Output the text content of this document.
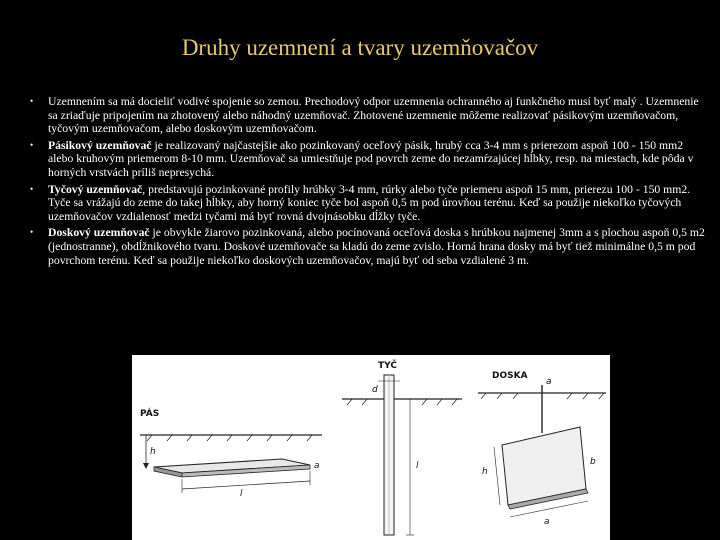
Druhy uzemnení a tvary uzemňovačov
• Uzemnením sa má docieliť vodivé spojenie so zemou. Prechodový odpor uzemnenia ochranného aj funkčného musí byť malý . Uzemnenie sa zriaďuje pripojením na zhotovený alebo náhodný uzemňovač. Zhotovené uzemnenie môžeme realizovať pásikovým uzemňovačom, tyčovým uzemňovačom, alebo doskovým uzemňovačom.
• Pásikový uzemňovač je realizovaný najčastejšie ako pozinkovaný oceľový pásik, hrubý cca 3-4 mm s prierezom aspoň 100 - 150 mm2 alebo kruhovým priemerom 8-10 mm. Uzemňovač sa umiestňuje pod povrch zeme do nezamŕzajúcej hĺbky, resp. na miestach, kde pôda v horných vrstvách príliš nepresychá.
• Tyčový uzemňovač, predstavujú pozinkované profily hrúbky 3-4 mm, rúrky alebo tyče priemeru aspoň 15 mm, prierezu 100 - 150 mm2. Tyče sa vrážajú do zeme do takej hĺbky, aby horný koniec tyče bol aspoň 0,5 m pod úrovňou terénu. Keď sa použije niekoľko tyčových uzemňovačov vzdialenosť medzi tyčami má byť rovná dvojnásobku dĺžky tyče.
• Doskový uzemňovač je obvykle žiarovo pozinkovaná, alebo pocínovaná oceľová doska s hrúbkou najmenej 3mm a s plochou aspoň 0,5 m2 (jednostranne), obdĺžnikového tvaru. Doskové uzemňovače sa kladú do zeme zvislo. Horná hrana dosky má byť tiež minimálne 0,5 m pod povrchom terénu. Keď sa použije niekoľko doskových uzemňovačov, majú byť od seba vzdialené 3 m.
PÁS
h
l
a
TYČ
d
l
DOSKA
h
b
a
a
